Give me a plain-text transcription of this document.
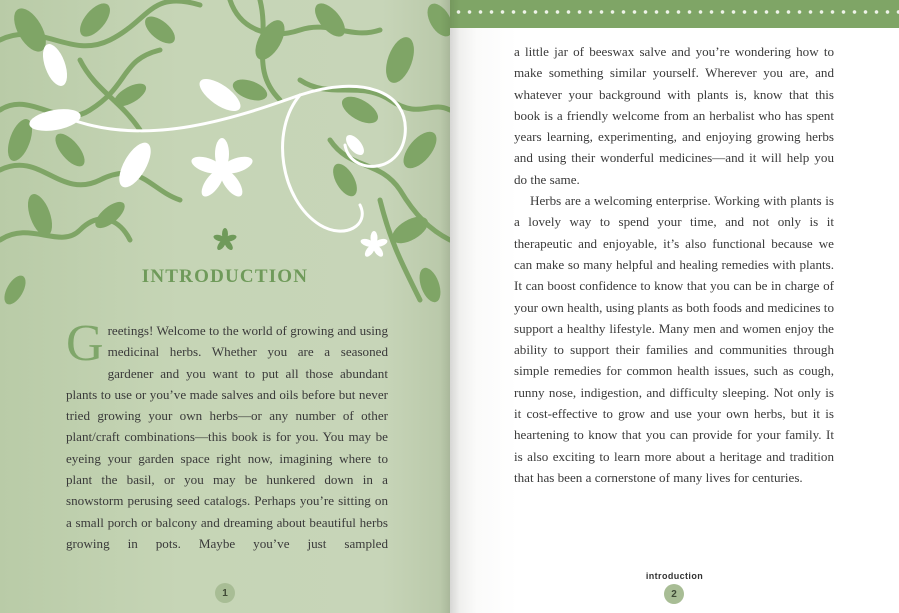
INTRODUCTION
Greetings! Welcome to the world of growing and using medicinal herbs. Whether you are a seasoned gardener and you want to put all those abundant plants to use or you’ve made salves and oils before but never tried growing your own herbs—or any number of other plant/craft combinations—this book is for you. You may be eyeing your garden space right now, imagining where to plant the basil, or you may be hunkered down in a snowstorm perusing seed catalogs. Perhaps you’re sitting on a small porch or balcony and dreaming about beautiful herbs growing in pots. Maybe you’ve just sampled
1

a little jar of beeswax salve and you’re wondering how to make something similar yourself. Wherever you are, and whatever your background with plants is, know that this book is a friendly welcome from an herbalist who has spent years learning, experimenting, and enjoying growing herbs and using their wonderful medicines—and it will help you do the same.

Herbs are a welcoming enterprise. Working with plants is a lovely way to spend your time, and not only is it therapeutic and enjoyable, it’s also functional because we can make so many helpful and healing remedies with plants. It can boost confidence to know that you can be in charge of your own health, using plants as both foods and medicines to support a healthy lifestyle. Many men and women enjoy the ability to support their families and communities through simple remedies for common health issues, such as cough, runny nose, indigestion, and difficulty sleeping. Not only is it cost-effective to grow and use your own herbs, but it is heartening to know that you can provide for your family. It is also exciting to learn more about a heritage and tradition that has been a cornerstone of many lives for centuries.

introduction
2
